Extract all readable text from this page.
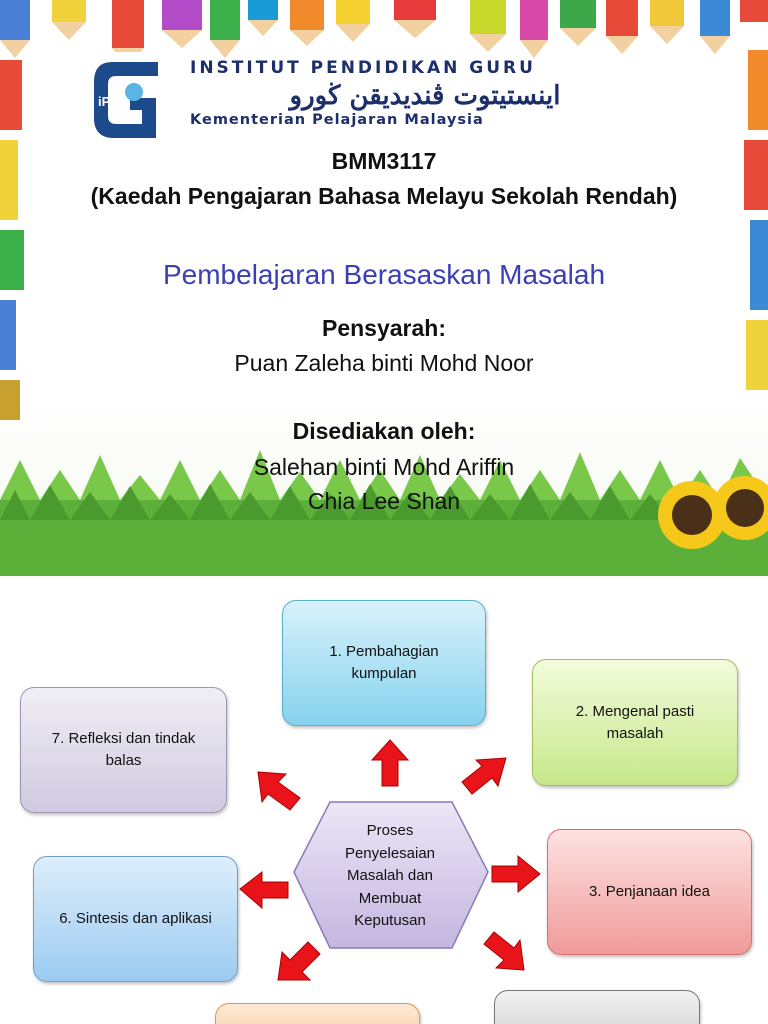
iPG
INSTITUT PENDIDIKAN GURU
اينستيتوت ڤنديديقن ڬورو
Kementerian Pelajaran Malaysia
BMM3117
(Kaedah Pengajaran Bahasa Melayu Sekolah Rendah)
Pembelajaran Berasaskan Masalah
Pensyarah:
Puan Zaleha binti Mohd Noor
Disediakan oleh:
Salehan binti Mohd Ariffin
Chia Lee Shan
Proses
Penyelesaian
Masalah dan
Membuat
Keputusan
1. Pembahagian kumpulan
2. Mengenal pasti masalah
3. Penjanaan idea
6. Sintesis dan aplikasi
7. Refleksi dan tindak balas
